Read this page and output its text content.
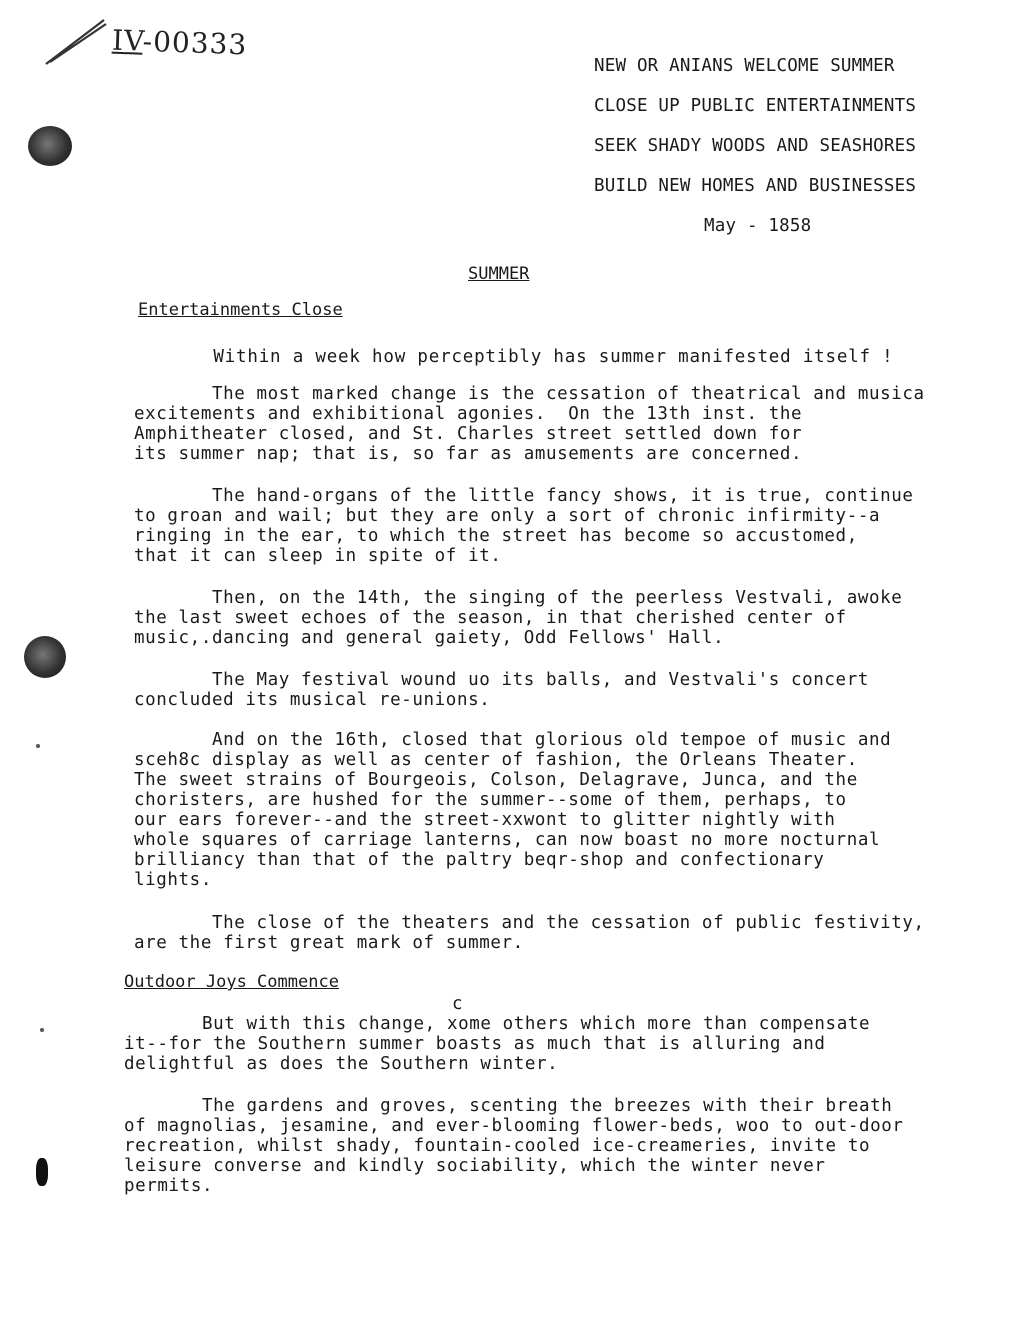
IV-00333
NEW OR ANIANS WELCOME SUMMER
CLOSE UP PUBLIC ENTERTAINMENTS
SEEK SHADY WOODS AND SEASHORES
BUILD NEW HOMES AND BUSINESSES
May - 1858
SUMMER
Entertainments Close
Within a week how perceptibly has summer manifested itself !
The most marked change is the cessation of theatrical and musica
excitements and exhibitional agonies.  On the 13th inst. the
Amphitheater closed, and St. Charles street settled down for
its summer nap; that is, so far as amusements are concerned.
The hand-organs of the little fancy shows, it is true, continue
to groan and wail; but they are only a sort of chronic infirmity--a
ringing in the ear, to which the street has become so accustomed,
that it can sleep in spite of it.
Then, on the 14th, the singing of the peerless Vestvali, awoke
the last sweet echoes of the season, in that cherished center of
music,.dancing and general gaiety, Odd Fellows' Hall.
The May festival wound uo its balls, and Vestvali's concert
concluded its musical re-unions.
And on the 16th, closed that glorious old tempoe of music and
sceh8c display as well as center of fashion, the Orleans Theater.
The sweet strains of Bourgeois, Colson, Delagrave, Junca, and the
choristers, are hushed for the summer--some of them, perhaps, to
our ears forever--and the street-xxwont to glitter nightly with
whole squares of carriage lanterns, can now boast no more nocturnal
brilliancy than that of the paltry beqr-shop and confectionary
lights.
The close of the theaters and the cessation of public festivity,
are the first great mark of summer.
Outdoor Joys Commence
c
But with this change, xome others which more than compensate
it--for the Southern summer boasts as much that is alluring and
delightful as does the Southern winter.
The gardens and groves, scenting the breezes with their breath
of magnolias, jesamine, and ever-blooming flower-beds, woo to out-door
recreation, whilst shady, fountain-cooled ice-creameries, invite to
leisure converse and kindly sociability, which the winter never
permits.
